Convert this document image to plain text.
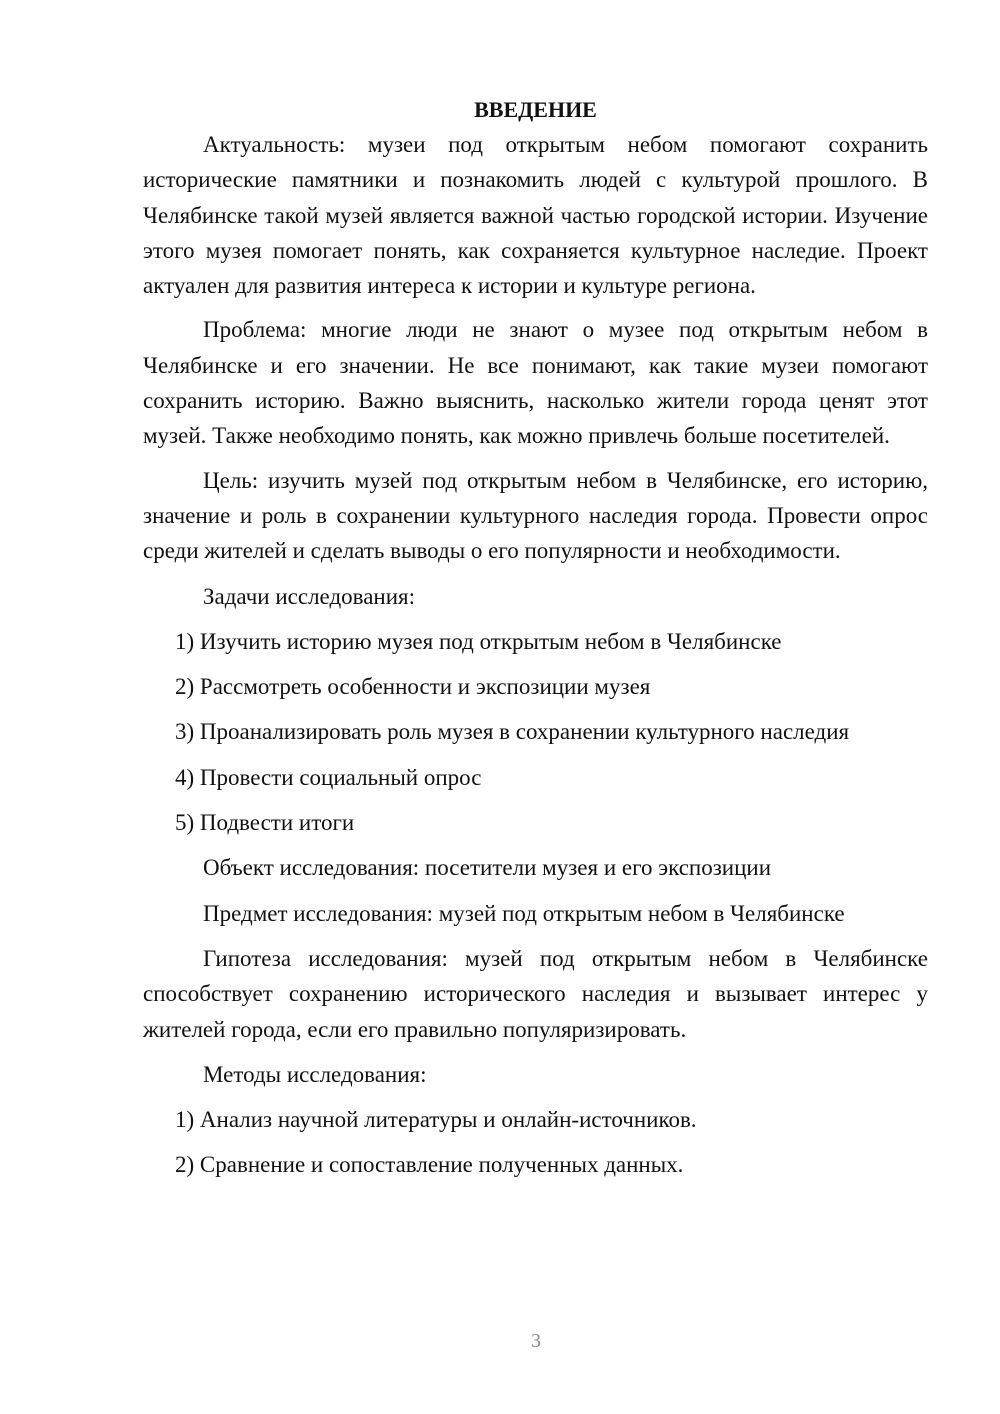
ВВЕДЕНИЕ

Актуальность: музеи под открытым небом помогают сохранить исторические памятники и познакомить людей с культурой прошлого. В Челябинске такой музей является важной частью городской истории. Изучение этого музея помогает понять, как сохраняется культурное наследие. Проект актуален для развития интереса к истории и культуре региона.

Проблема: многие люди не знают о музее под открытым небом в Челябинске и его значении. Не все понимают, как такие музеи помогают сохранить историю. Важно выяснить, насколько жители города ценят этот музей. Также необходимо понять, как можно привлечь больше посетителей.

Цель: изучить музей под открытым небом в Челябинске, его историю, значение и роль в сохранении культурного наследия города. Провести опрос среди жителей и сделать выводы о его популярности и необходимости.

Задачи исследования:
1) Изучить историю музея под открытым небом в Челябинске
2) Рассмотреть особенности и экспозиции музея
3) Проанализировать роль музея в сохранении культурного наследия
4) Провести социальный опрос
5) Подвести итоги
Объект исследования: посетители музея и его экспозиции
Предмет исследования: музей под открытым небом в Челябинске

Гипотеза исследования: музей под открытым небом в Челябинске способствует сохранению исторического наследия и вызывает интерес у жителей города, если его правильно популяризировать.

Методы исследования:
1) Анализ научной литературы и онлайн-источников.
2) Сравнение и сопоставление полученных данных.
3
